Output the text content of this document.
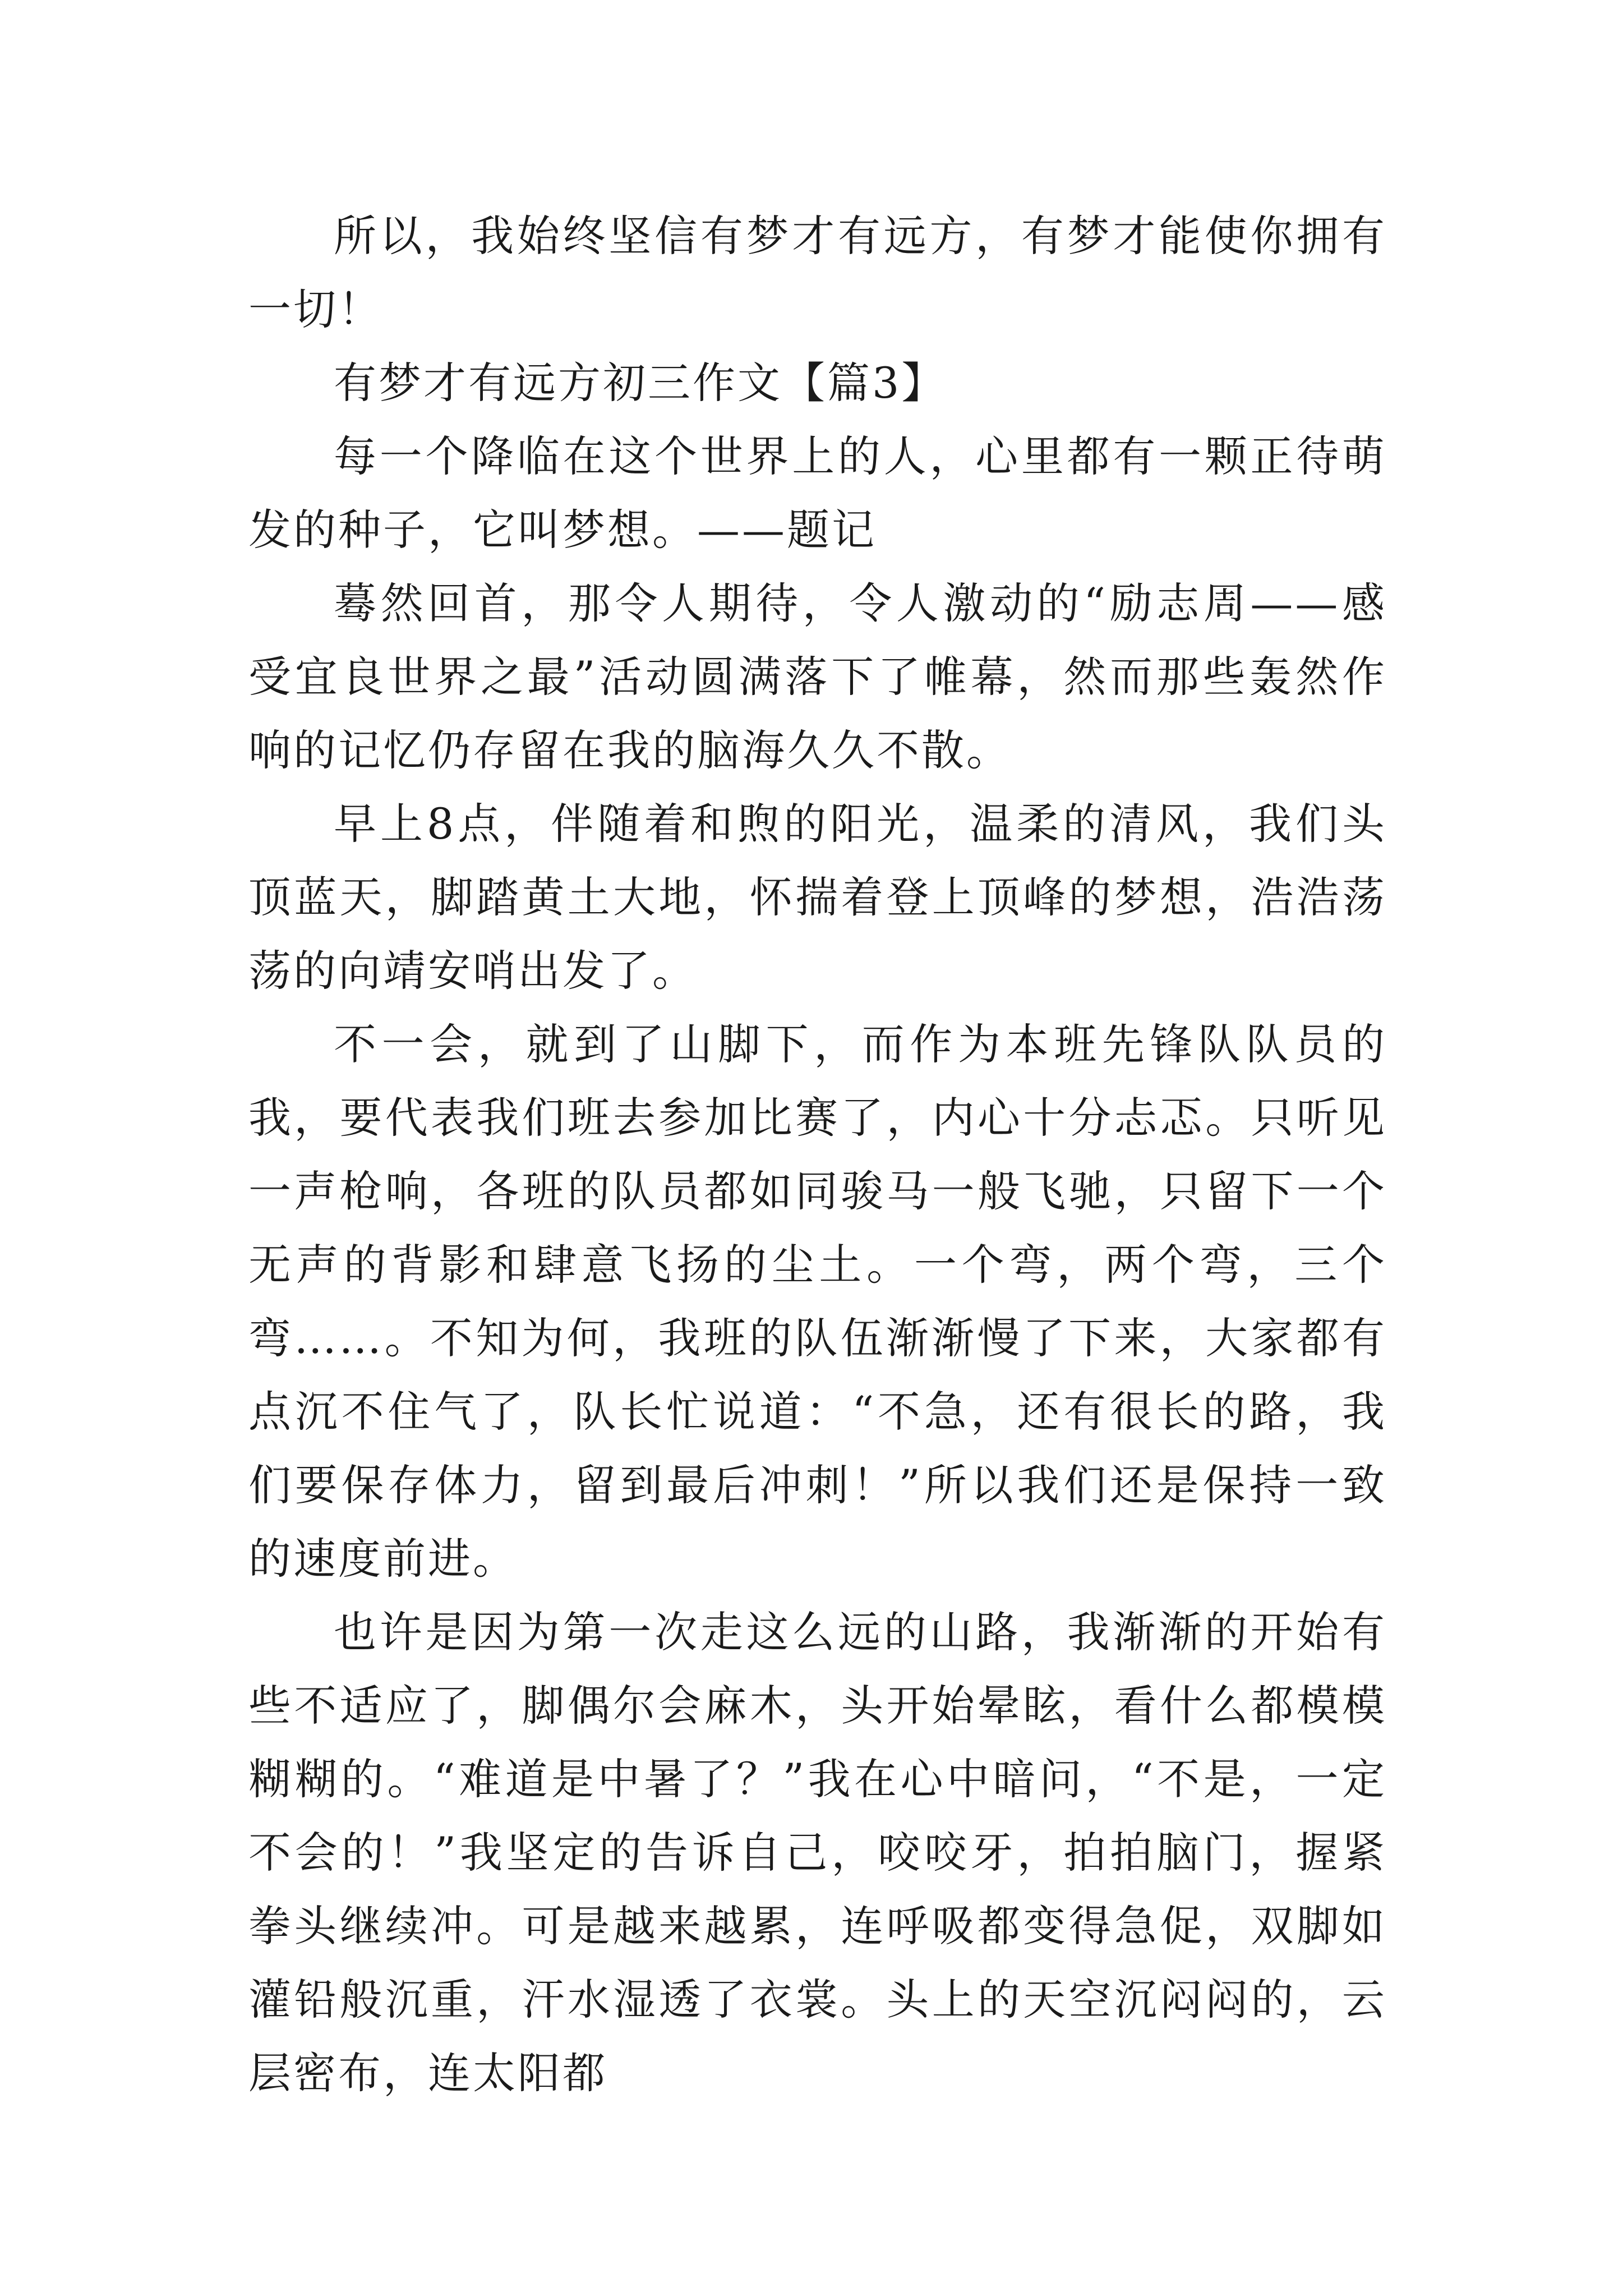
所以，我始终坚信有梦才有远方，有梦才能使你拥有一切！

有梦才有远方初三作文【篇3】

每一个降临在这个世界上的人，心里都有一颗正待萌发的种子，它叫梦想。——题记

蓦然回首，那令人期待，令人激动的“励志周——感受宜良世界之最”活动圆满落下了帷幕，然而那些轰然作响的记忆仍存留在我的脑海久久不散。

早上8点，伴随着和煦的阳光，温柔的清风，我们头顶蓝天，脚踏黄土大地，怀揣着登上顶峰的梦想，浩浩荡荡的向靖安哨出发了。

不一会，就到了山脚下，而作为本班先锋队队员的我，要代表我们班去参加比赛了，内心十分忐忑。只听见一声枪响，各班的队员都如同骏马一般飞驰，只留下一个无声的背影和肆意飞扬的尘土。一个弯，两个弯，三个弯……。不知为何，我班的队伍渐渐慢了下来，大家都有点沉不住气了，队长忙说道：“不急，还有很长的路，我们要保存体力，留到最后冲刺！”所以我们还是保持一致的速度前进。

也许是因为第一次走这么远的山路，我渐渐的开始有些不适应了，脚偶尔会麻木，头开始晕眩，看什么都模模糊糊的。“难道是中暑了？”我在心中暗问，“不是，一定不会的！”我坚定的告诉自己，咬咬牙，拍拍脑门，握紧拳头继续冲。可是越来越累，连呼吸都变得急促，双脚如灌铅般沉重，汗水湿透了衣裳。头上的天空沉闷闷的，云层密布，连太阳都
